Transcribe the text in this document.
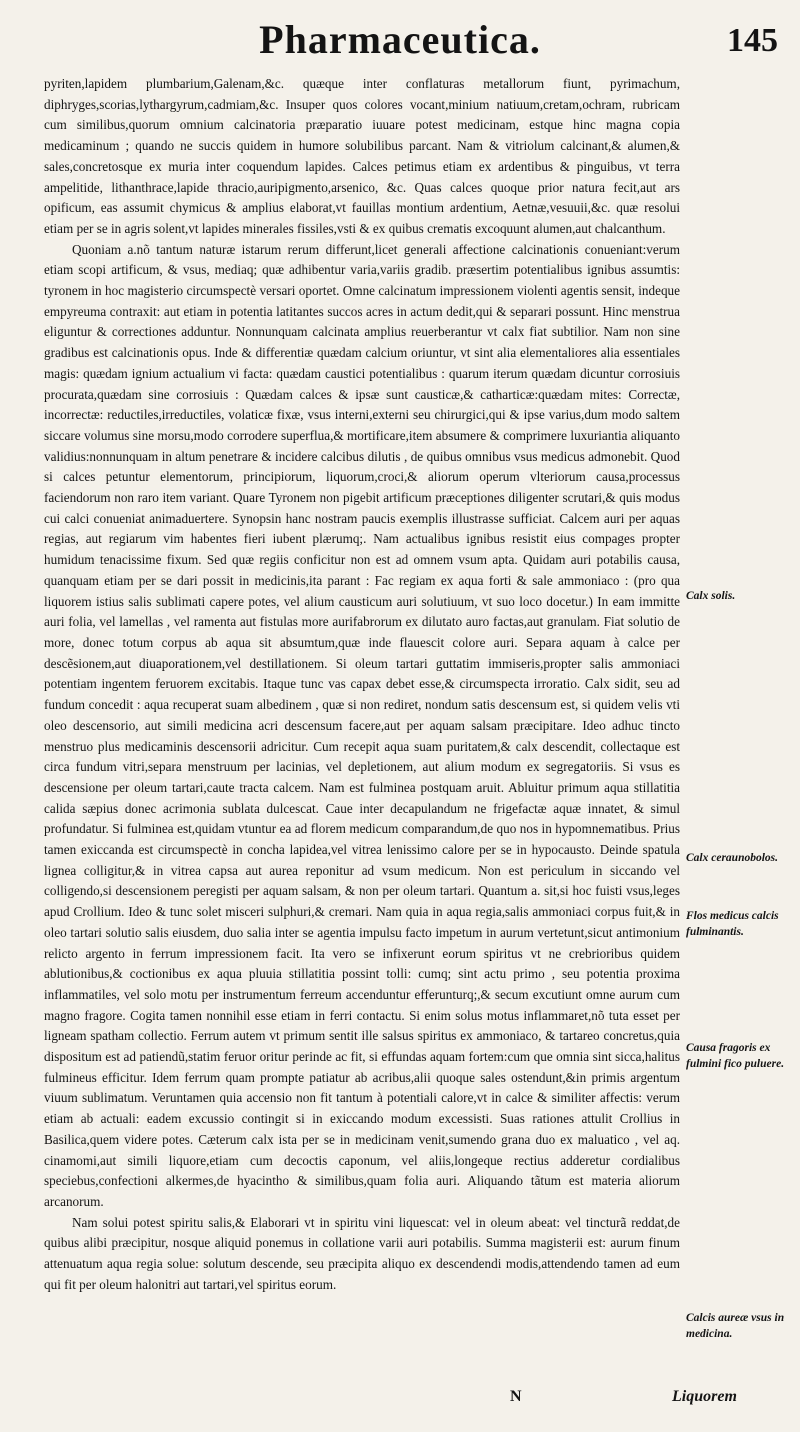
Pharmaceutica.	145

pyriten,lapidem plumbarium,Galenam,&c. quæque inter conflaturas metallorum fiunt, pyrimachum, diphryges,scorias,lythargyrum,cadmiam,&c. Insuper quos colores vocant,minium natiuum,cretam,ochram, rubricam cum similibus,quorum omnium calcinatoria præparatio iuuare potest medicinam, estque hinc magna copia medicaminum ; quando ne succis quidem in humore solubilibus parcant. Nam & vitriolum calcinant,& alumen,& sales,concretosque ex muria inter coquendum lapides. Calces petimus etiam ex ardentibus & pinguibus, vt terra ampelitide, lithanthrace,lapide thracio,auripigmento,arsenico, &c. Quas calces quoque prior natura fecit,aut ars opificum, eas assumit chymicus & amplius elaborat,vt fauillas montium ardentium, Aetnæ,vesuuii,&c. quæ resolui etiam per se in agris solent,vt lapides minerales fissiles,vsti & ex quibus crematis excoquunt alumen,aut chalcanthum.

Quoniam a.nõ tantum naturæ istarum rerum differunt,licet generali affectione calcinationis conueniant:verum etiam scopi artificum, & vsus, mediaq; quæ adhibentur varia,variis gradib. præsertim potentialibus ignibus assumtis: tyronem in hoc magisterio circumspectè versari oportet. Omne calcinatum impressionem violenti agentis sensit, indeque empyreuma contraxit: aut etiam in potentia latitantes succos acres in actum dedit,qui & separari possunt. Hinc menstrua eliguntur & correctiones adduntur. Nonnunquam calcinata amplius reuerberantur vt calx fiat subtilior. Nam non sine gradibus est calcinationis opus. Inde & differentiæ quædam calcium oriuntur, vt sint alia elementaliores alia essentiales magis: quædam ignium actualium vi facta: quædam caustici potentialibus : quarum iterum quædam dicuntur corrosiuis procurata,quædam sine corrosiuis : Quædam calces & ipsæ sunt causticæ,& catharticæ:quædam mites: Correctæ, incorrectæ: reductiles,irreductiles, volaticæ fixæ, vsus interni,externi seu chirurgici,qui & ipse varius,dum modo saltem siccare volumus sine morsu,modo corrodere superflua,& mortificare,item absumere & comprimere luxuriantia aliquanto validius:nonnunquam in altum penetrare & incidere calcibus dilutis , de quibus omnibus vsus medicus admonebit. Quod si calces petuntur elementorum, principiorum, liquorum,croci,& aliorum operum vlteriorum causa,processus faciendorum non raro item variant. Quare Tyronem non pigebit artificum præceptiones diligenter scrutari,& quis modus cui calci conueniat animaduertere. Synopsin hanc nostram paucis exemplis illustrasse sufficiat. Calcem auri per aquas regias, aut regiarum vim habentes fieri iubent plærumq;. Nam actualibus ignibus resistit eius compages propter humidum tenacissime fixum. Sed quæ regiis conficitur non est ad omnem vsum apta. Quidam auri potabilis causa, quanquam etiam per se dari possit in medicinis,ita parant : Fac regiam ex aqua forti & sale ammoniaco : (pro qua liquorem istius salis sublimati capere potes, vel alium causticum auri solutiuum, vt suo loco docetur.) In eam immitte auri folia, vel lamellas , vel ramenta aut fistulas more aurifabrorum ex dilutato auro factas,aut granulam. Fiat solutio de more, donec totum corpus ab aqua sit absumtum,quæ inde flauescit colore auri. Separa aquam à calce per descẽsionem,aut diuaporationem,vel destillationem. Si oleum tartari guttatim immiseris,propter salis ammoniaci potentiam ingentem feruorem excitabis. Itaque tunc vas capax debet esse,& circumspecta irroratio. Calx sidit, seu ad fundum concedit : aqua recuperat suam albedinem , quæ si non rediret, nondum satis descensum est, si quidem velis vti oleo descensorio, aut simili medicina acri descensum facere,aut per aquam salsam præcipitare. Ideo adhuc tincto menstruo plus medicaminis descensorii adricitur. Cum recepit aqua suam puritatem,& calx descendit, collectaque est circa fundum vitri,separa menstruum per lacinias, vel depletionem, aut alium modum ex segregatoriis. Si vsus es descensione per oleum tartari,caute tracta calcem. Nam est fulminea postquam aruit. Abluitur primum aqua stillatitia calida sæpius donec acrimonia sublata dulcescat. Caue inter decapulandum ne frigefactæ aquæ innatet, & simul profundatur. Si fulminea est,quidam vtuntur ea ad florem medicum comparandum,de quo nos in hypomnematibus. Prius tamen exiccanda est circumspectè in concha lapidea,vel vitrea lenissimo calore per se in hypocausto. Deinde spatula lignea colligitur,& in vitrea capsa aut aurea reponitur ad vsum medicum. Non est periculum in siccando vel colligendo,si descensionem peregisti per aquam salsam, & non per oleum tartari. Quantum a. sit,si hoc fuisti vsus,leges apud Crollium. Ideo & tunc solet misceri sulphuri,& cremari. Nam quia in aqua regia,salis ammoniaci corpus fuit,& in oleo tartari solutio salis eiusdem, duo salia inter se agentia impulsu facto impetum in aurum vertetunt,sicut antimonium relicto argento in ferrum impressionem facit. Ita vero se infixerunt eorum spiritus vt ne crebrioribus quidem ablutionibus,& coctionibus ex aqua pluuia stillatitia possint tolli: cumq; sint actu primo , seu potentia proxima inflammatiles, vel solo motu per instrumentum ferreum accenduntur efferunturq;,& secum excutiunt omne aurum cum magno fragore. Cogita tamen nonnihil esse etiam in ferri contactu. Si enim solus motus inflammaret,nõ tuta esset per ligneam spatham collectio. Ferrum autem vt primum sentit ille salsus spiritus ex ammoniaco, & tartareo concretus,quia dispositum est ad patiendũ,statim feruor oritur perinde ac fit, si effundas aquam fortem:cum que omnia sint sicca,halitus fulmineus efficitur. Idem ferrum quam prompte patiatur ab acribus,alii quoque sales ostendunt,&in primis argentum viuum sublimatum. Veruntamen quia accensio non fit tantum à potentiali calore,vt in calce & similiter affectis: verum etiam ab actuali: eadem excussio contingit si in exiccando modum excessisti. Suas rationes attulit Crollius in Basilica,quem videre potes. Cæterum calx ista per se in medicinam venit,sumendo grana duo ex maluatico , vel aq. cinamomi,aut simili liquore,etiam cum decoctis caponum, vel aliis,longeque rectius adderetur cordialibus speciebus,confectioni alkermes,de hyacintho & similibus,quam folia auri. Aliquando tãtum est materia aliorum arcanorum.

Nam solui potest spiritu salis,& Elaborari vt in spiritu vini liquescat: vel in oleum abeat: vel tincturã reddat,de quibus alibi præcipitur, nosque aliquid ponemus in collatione varii auri potabilis. Summa magisterii est: aurum finum attenuatum aqua regia solue: solutum descende, seu præcipita aliquo ex descendendi modis,attendendo tamen ad eum qui fit per oleum halonitri aut tartari,vel spiritus eorum.

Calx solis.
Calx ceraunobolos.
Flos medicus calcis fulminantis.
Causa fragoris ex fulmini fico puluere.
Calcis aureæ vsus in medicina.
N	Liquorem
